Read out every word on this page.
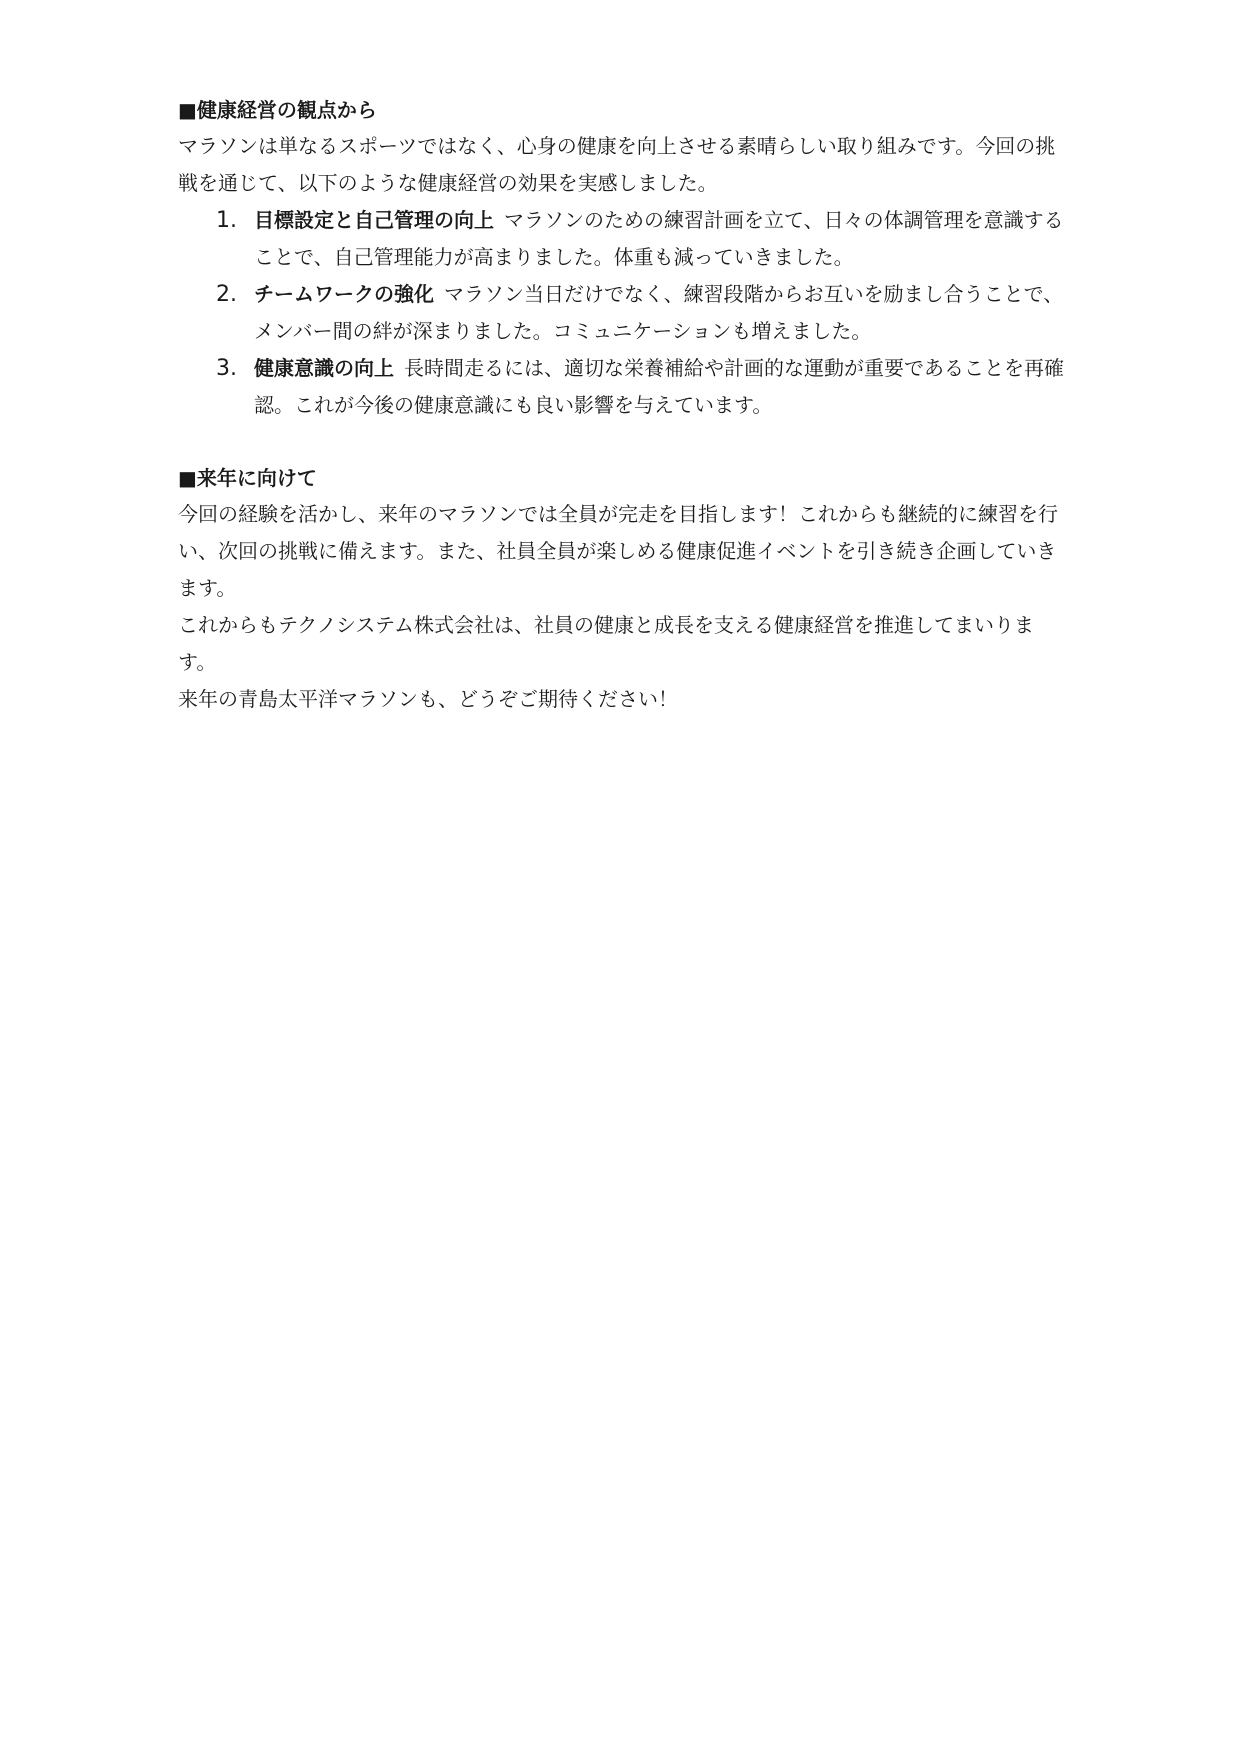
■健康経営の観点から

マラソンは単なるスポーツではなく、心身の健康を向上させる素晴らしい取り組みです。今回の挑戦を通じて、以下のような健康経営の効果を実感しました。

1. 目標設定と自己管理の向上 マラソンのための練習計画を立て、日々の体調管理を意識することで、自己管理能力が高まりました。体重も減っていきました。
2. チームワークの強化 マラソン当日だけでなく、練習段階からお互いを励まし合うことで、メンバー間の絆が深まりました。コミュニケーションも増えました。
3. 健康意識の向上 長時間走るには、適切な栄養補給や計画的な運動が重要であることを再確認。これが今後の健康意識にも良い影響を与えています。
■来年に向けて

今回の経験を活かし、来年のマラソンでは全員が完走を目指します！これからも継続的に練習を行い、次回の挑戦に備えます。また、社員全員が楽しめる健康促進イベントを引き続き企画していきます。

これからもテクノシステム株式会社は、社員の健康と成長を支える健康経営を推進してまいります。

来年の青島太平洋マラソンも、どうぞご期待ください！
